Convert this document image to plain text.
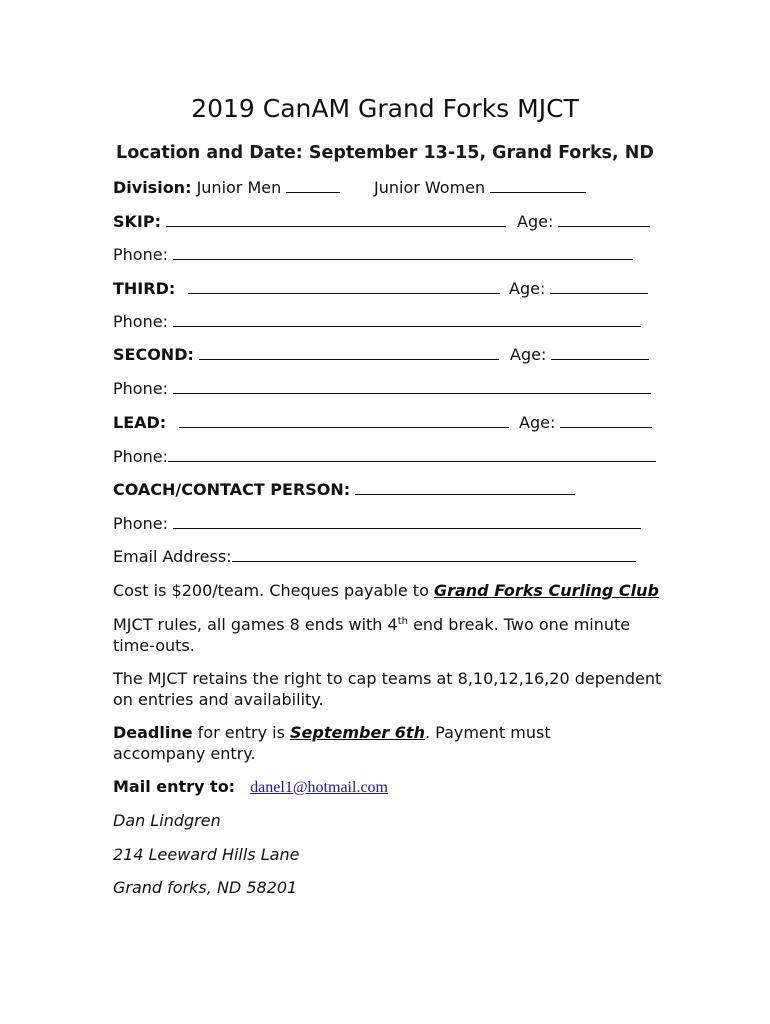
2019 CanAM Grand Forks MJCT
Location and Date: September 13-15, Grand Forks, ND
Division: Junior Men	Junior Women
SKIP:	Age:
Phone:
THIRD:	Age:
Phone:
SECOND:	Age:
Phone:
LEAD:	Age:
Phone:
COACH/CONTACT PERSON:
Phone:
Email Address:
Cost is $200/team. Cheques payable to Grand Forks Curling Club
MJCT rules, all games 8 ends with 4th end break. Two one minute time-outs.
The MJCT retains the right to cap teams at 8,10,12,16,20 dependent on entries and availability.
Deadline for entry is September 6th. Payment must accompany entry.
Mail entry to: danel1@hotmail.com
Dan Lindgren
214 Leeward Hills Lane
Grand forks, ND 58201
